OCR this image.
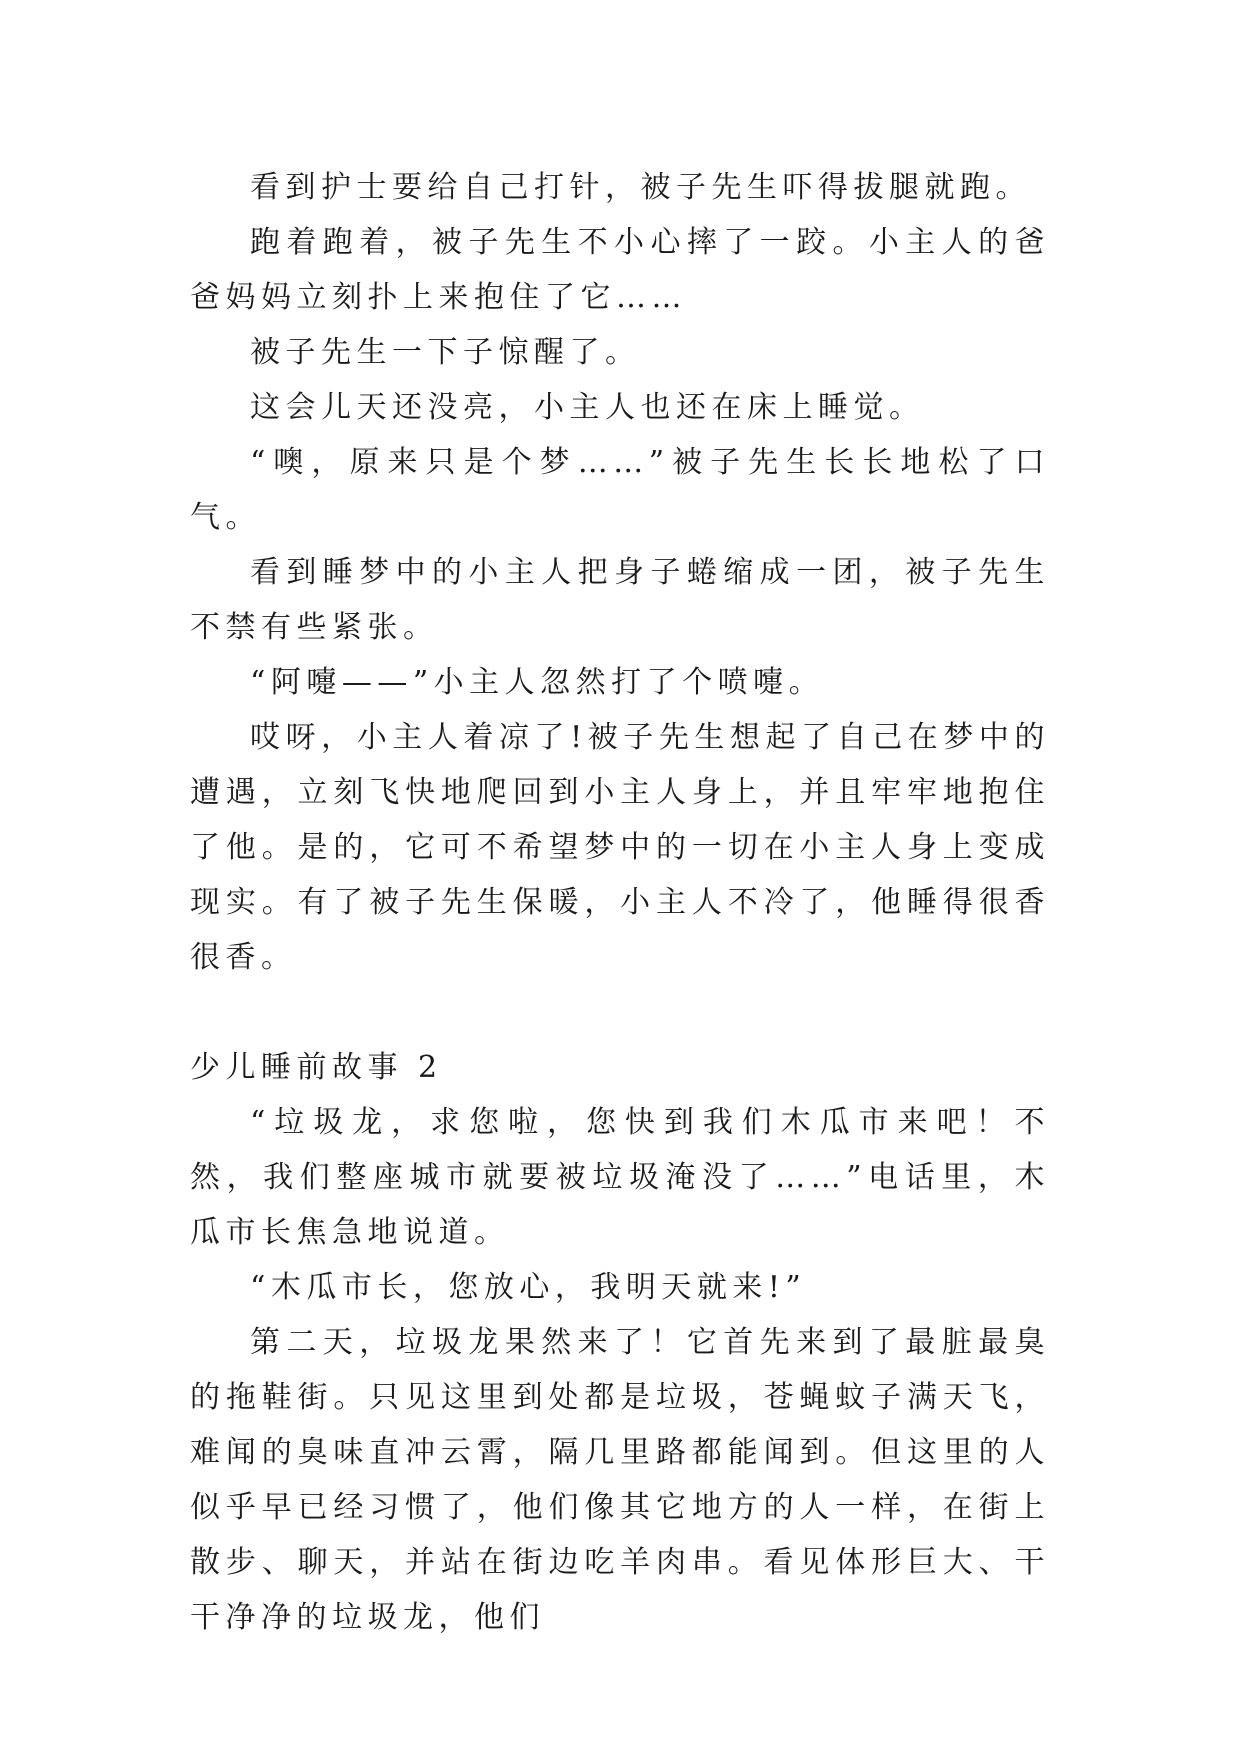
看到护士要给自己打针，被子先生吓得拔腿就跑。

跑着跑着，被子先生不小心摔了一跤。小主人的爸爸妈妈立刻扑上来抱住了它……

被子先生一下子惊醒了。

这会儿天还没亮，小主人也还在床上睡觉。

“噢，原来只是个梦……”被子先生长长地松了口气。

看到睡梦中的小主人把身子蜷缩成一团，被子先生不禁有些紧张。

“阿嚏——”小主人忽然打了个喷嚏。

哎呀，小主人着凉了!被子先生想起了自己在梦中的遭遇，立刻飞快地爬回到小主人身上，并且牢牢地抱住了他。是的，它可不希望梦中的一切在小主人身上变成现实。有了被子先生保暖，小主人不冷了，他睡得很香很香。

少儿睡前故事 2

“垃圾龙，求您啦，您快到我们木瓜市来吧！不然，我们整座城市就要被垃圾淹没了……”电话里，木瓜市长焦急地说道。

“木瓜市长，您放心，我明天就来!”

第二天，垃圾龙果然来了！它首先来到了最脏最臭的拖鞋街。只见这里到处都是垃圾，苍蝇蚊子满天飞，难闻的臭味直冲云霄，隔几里路都能闻到。但这里的人似乎早已经习惯了，他们像其它地方的人一样，在街上散步、聊天，并站在街边吃羊肉串。看见体形巨大、干干净净的垃圾龙，他们
